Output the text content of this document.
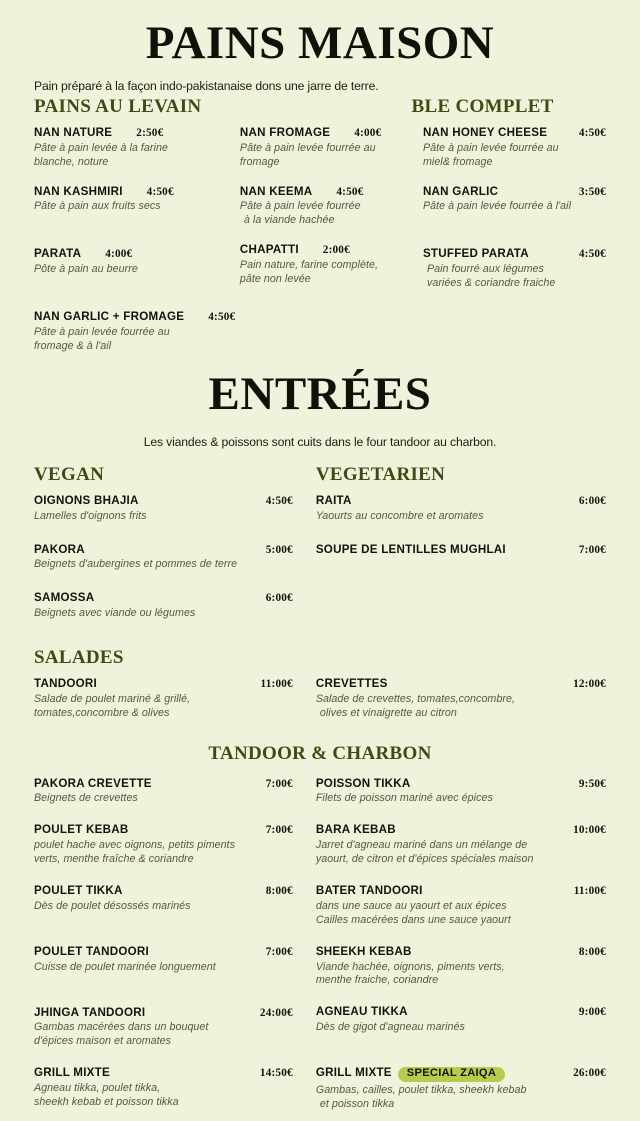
PAINS MAISON
Pain préparé à la façon indo-pakistanaise dons une jarre de terre.
PAINS AU LEVAIN	BLE COMPLET
NAN NATURE	2:50€
Pâte à pain levée à la farine
blanche, noture
NAN KASHMIRI	4:50€
Pâte à pain aux fruits secs
PARATA	4:00€
Pôte à pain au beurre
NAN GARLIC + FROMAGE	4:50€
Pâte à pain levée fourrée au
fromage & à l'ail
NAN FROMAGE	4:00€
Pâte à pain levée fourrée au
fromage
NAN KEEMA	4:50€
Pâte à pain levée fourrée
à la viande hachée
CHAPATTI	2:00€
Pain nature, farine complète,
pâte non levée
NAN HONEY CHEESE	4:50€
Pâte à pain levée fourrée au
miel& fromage
NAN GARLIC	3:50€
Pâte à pain levée fourrée à l'ail
STUFFED PARATA	4:50€
Pain fourré aux légumes
variées & coriandre fraiche
ENTRÉES
Les viandes & poissons sont cuits dans le four tandoor au charbon.
VEGAN	VEGETARIEN
OIGNONS BHAJIA	4:50€
Lamelles d'oignons frits
PAKORA	5:00€
Beignets d'aubergines et pommes de terre
SAMOSSA	6:00€
Beignets avec viande ou légumes
RAITA	6:00€
Yaourts au concombre et aromates
SOUPE DE LENTILLES MUGHLAI	7:00€
SALADES
TANDOORI	11:00€
Salade de poulet mariné & grillé,
tomates,concombre & olives
CREVETTES	12:00€
Salade de crevettes, tomates,concombre,
olives et vinaigrette au citron
TANDOOR & CHARBON
PAKORA CREVETTE	7:00€
Beignets de crevettes
POULET KEBAB	7:00€
poulet hache avec oignons, petits piments
verts, menthe fraîche & coriandre
POULET TIKKA	8:00€
Dès de poulet désossés marinés
POULET TANDOORI	7:00€
Cuisse de poulet marinée longuement
JHINGA TANDOORI	24:00€
Gambas macérées dans un bouquet
d'épices maison et aromates
GRILL MIXTE	14:50€
Agneau tikka, poulet tikka,
sheekh kebab et poisson tikka
POISSON TIKKA	9:50€
Filets de poisson mariné avec épices
BARA KEBAB	10:00€
Jarret d'agneau mariné dans un mélange de
yaourt, de citron et d'épices spéciales maison
BATER TANDOORI	11:00€
dans une sauce au yaourt et aux épices
Cailles macérées dans une sauce yaourt
SHEEKH KEBAB	8:00€
Viande hachée, oignons, piments verts,
menthe fraiche, coriandre
AGNEAU TIKKA	9:00€
Dès de gigot d'agneau marinés
GRILL MIXTE	SPECIAL ZAIQA	26:00€
Gambas, cailles, poulet tikka, sheekh kebab
et poisson tikka
